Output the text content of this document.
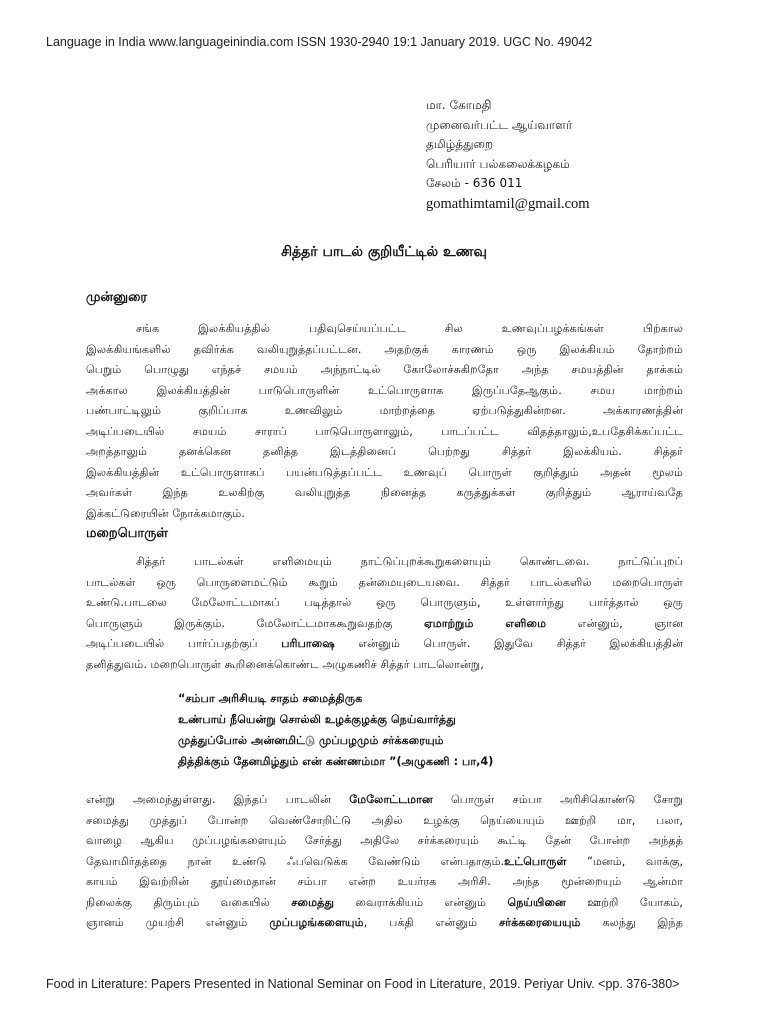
Language in India www.languageinindia.com ISSN 1930-2940 19:1 January 2019. UGC No. 49042
மா. கோமதி
முனைவர்பட்ட ஆய்வாளர்
தமிழ்த்துறை
பெரியார் பல்கலைக்கழகம்
சேலம் - 636 011
gomathimtamil@gmail.com
சித்தர் பாடல் குறியீட்டில் உணவு
முன்னுரை
சங்க இலக்கியத்தில் பதிவுசெய்யப்பட்ட சில உணவுப்பழக்கங்கள் பிற்கால
இலக்கியங்களில் தவிர்க்க வலியுறுத்தப்பட்டன. அதற்குக் காரணம் ஒரு இலக்கியம் தோற்றம்
பெறும் பொழுது எந்தச் சமயம் அந்நாட்டில் கோலோச்சுகிறதோ அந்த சமயத்தின் தாக்கம்
அக்கால இலக்கியத்தின் பாடுபொருளின் உட்பொருளாக இருப்பதேஆகும். சமய மாற்றம்
பண்பாட்டிலும் குறிப்பாக உணவிலும் மாற்றத்தை ஏற்படுத்துகின்றன. அக்காரணத்தின்
அடிப்படையில் சமயம் சாராப் பாடுபொருளாலும், பாடப்பட்ட விதத்தாலும்,உபதேசிக்கப்பட்ட
அறத்தாலும் தனக்கென தனித்த இடத்தினைப் பெற்றது சித்தர் இலக்கியம். சித்தர்
இலக்கியத்தின் உட்பொருளாகப் பயன்படுத்தப்பட்ட உணவுப் பொருள் குறித்தும் அதன் மூலம்
அவர்கள் இந்த உலகிற்கு வலியுறுத்த நினைத்த கருத்துக்கள் குறித்தும் ஆராய்வதே
இக்கட்டுரையின் நோக்கமாகும்.
மறைபொருள்
சித்தர் பாடல்கள் எளிமையும் நாட்டுப்புறக்கூறுகளையும் கொண்டவை. நாட்டுப்புறப்
பாடல்கள் ஒரு பொருளைமட்டும் கூறும் தன்மையுடையவை. சித்தர் பாடல்களில் மறைபொருள்
உண்டு.பாடலை மேலோட்டமாகப் படித்தால் ஒரு பொருளும், உள்ளார்ந்து பார்த்தால் ஒரு
பொருளும் இருக்கும். மேலோட்டமாககூறுவதற்கு ஏமாற்றும் எளிமை என்னும், ஞான
அடிப்படையில் பார்ப்பதற்குப் பரிபாஷை என்னும் பொருள். இதுவே சித்தர் இலக்கியத்தின்
தனித்துவம். மறைபொருள் கூறினைக்கொண்ட அழுகணிச் சித்தர் பாடலொன்று,
“சம்பா அரிசியடி சாதம் சமைத்திருக
உண்பாய் நீயென்று சொல்லி உழக்குழக்கு நெய்வார்த்து
முத்துப்போல் அன்னமிட்டு முப்பழமும் சர்க்கரையும்
தித்திக்கும் தேனமிழ்தும் என் கண்ணம்மா ”(அழுகணி : பா,4)
என்று அமைந்துள்ளது. இந்தப் பாடலின் மேலோட்டமான பொருள் சம்பா அரிசிகொண்டு சோறு
சமைத்து முத்துப் போன்ற வெண்சோறிட்டு அதில் உழக்கு நெய்யையும் ஊற்றி மா, பலா,
வாழை ஆகிய முப்பழங்களையும் சேர்த்து அதிலே சர்க்கரையும் கூட்டி தேன் போன்ற அந்தத்
தேவாமிர்தத்தை நான் உண்டு ஃபவெடுக்க வேண்டும் என்பதாகும்.உட்பொருள் “மனம், வாக்கு,
காயம் இவற்றின் தூய்மைதான் சம்பா என்ற உயர்ரக அரிசி. அந்த மூன்றையும் ஆன்மா
நிலைக்கு திரும்பும் வகையில் சமைத்து வைராக்கியம் என்னும் நெய்யினை ஊற்றி யோகம்,
ஞானம் முயற்சி என்னும் முப்பழங்களையும், பக்தி என்னும் சர்க்கரையையும் கலந்து இந்த
Food in Literature: Papers Presented in National Seminar on Food in Literature, 2019. Periyar Univ. <pp. 376-380>
